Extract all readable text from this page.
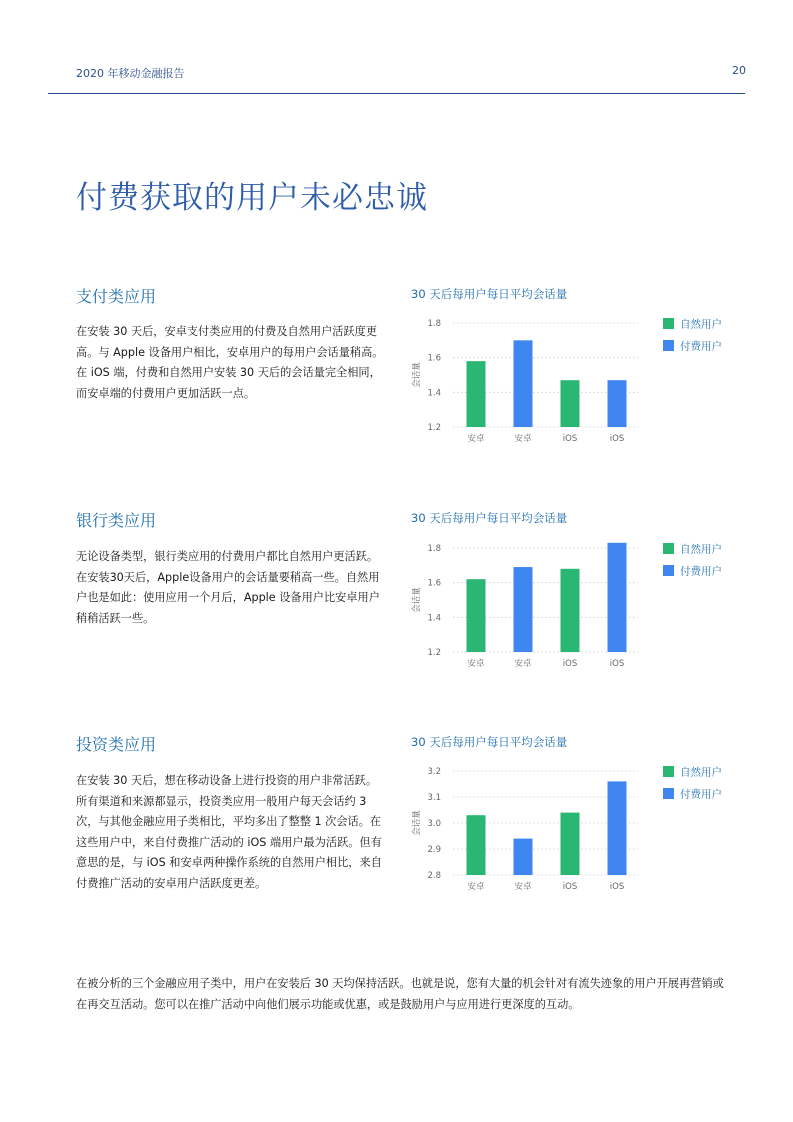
2020 年移动金融报告	20
付费获取的用户未必忠诚
支付类应用
在安装 30 天后，安卓支付类应用的付费及自然用户活跃度更高。与 Apple 设备用户相比，安卓用户的每用户会话量稍高。在 iOS 端，付费和自然用户安装 30 天后的会话量完全相同，而安卓端的付费用户更加活跃一点。
30 天后每用户每日平均会话量
1.2
1.4
1.6
1.8
会话量
安卓	安卓	iOS	iOS
自然用户
付费用户
银行类应用
无论设备类型，银行类应用的付费用户都比自然用户更活跃。在安装30天后，Apple设备用户的会话量要稍高一些。自然用户也是如此：使用应用一个月后，Apple 设备用户比安卓用户稍稍活跃一些。
30 天后每用户每日平均会话量
1.2
1.4
1.6
1.8
会话量
安卓	安卓	iOS	iOS
自然用户
付费用户
投资类应用
在安装 30 天后，想在移动设备上进行投资的用户非常活跃。所有渠道和来源都显示，投资类应用一般用户每天会话约 3 次，与其他金融应用子类相比，平均多出了整整 1 次会话。在这些用户中，来自付费推广活动的 iOS 端用户最为活跃。但有意思的是，与 iOS 和安卓两种操作系统的自然用户相比，来自付费推广活动的安卓用户活跃度更差。
30 天后每用户每日平均会话量
2.8
2.9
3.0
3.1
3.2
会话量
安卓	安卓	iOS	iOS
自然用户
付费用户
在被分析的三个金融应用子类中，用户在安装后 30 天均保持活跃。也就是说，您有大量的机会针对有流失迹象的用户开展再营销或在再交互活动。您可以在推广活动中向他们展示功能或优惠，或是鼓励用户与应用进行更深度的互动。
